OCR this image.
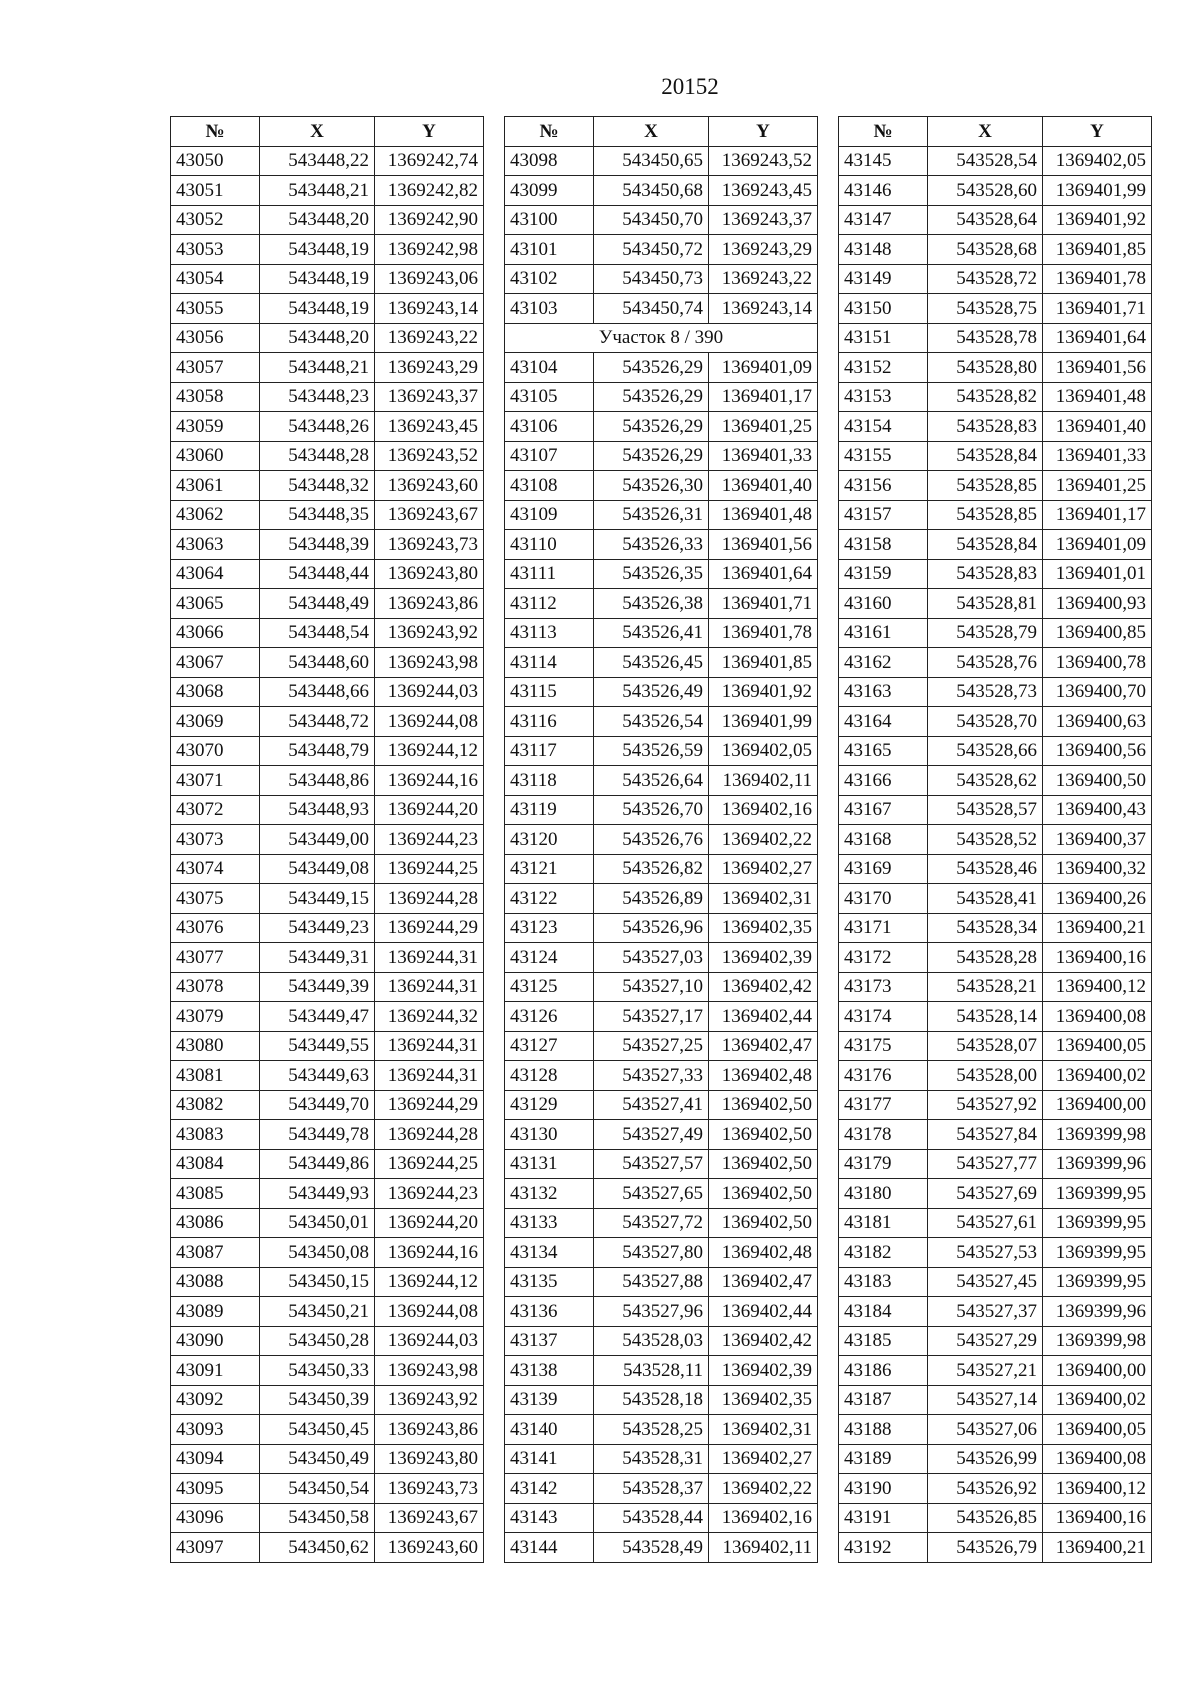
20152
№	X	Y
43050	543448,22	1369242,74
43051	543448,21	1369242,82
43052	543448,20	1369242,90
43053	543448,19	1369242,98
43054	543448,19	1369243,06
43055	543448,19	1369243,14
43056	543448,20	1369243,22
43057	543448,21	1369243,29
43058	543448,23	1369243,37
43059	543448,26	1369243,45
43060	543448,28	1369243,52
43061	543448,32	1369243,60
43062	543448,35	1369243,67
43063	543448,39	1369243,73
43064	543448,44	1369243,80
43065	543448,49	1369243,86
43066	543448,54	1369243,92
43067	543448,60	1369243,98
43068	543448,66	1369244,03
43069	543448,72	1369244,08
43070	543448,79	1369244,12
43071	543448,86	1369244,16
43072	543448,93	1369244,20
43073	543449,00	1369244,23
43074	543449,08	1369244,25
43075	543449,15	1369244,28
43076	543449,23	1369244,29
43077	543449,31	1369244,31
43078	543449,39	1369244,31
43079	543449,47	1369244,32
43080	543449,55	1369244,31
43081	543449,63	1369244,31
43082	543449,70	1369244,29
43083	543449,78	1369244,28
43084	543449,86	1369244,25
43085	543449,93	1369244,23
43086	543450,01	1369244,20
43087	543450,08	1369244,16
43088	543450,15	1369244,12
43089	543450,21	1369244,08
43090	543450,28	1369244,03
43091	543450,33	1369243,98
43092	543450,39	1369243,92
43093	543450,45	1369243,86
43094	543450,49	1369243,80
43095	543450,54	1369243,73
43096	543450,58	1369243,67
43097	543450,62	1369243,60
№	X	Y
43098	543450,65	1369243,52
43099	543450,68	1369243,45
43100	543450,70	1369243,37
43101	543450,72	1369243,29
43102	543450,73	1369243,22
43103	543450,74	1369243,14
Участок 8 / 390		
43104	543526,29	1369401,09
43105	543526,29	1369401,17
43106	543526,29	1369401,25
43107	543526,29	1369401,33
43108	543526,30	1369401,40
43109	543526,31	1369401,48
43110	543526,33	1369401,56
43111	543526,35	1369401,64
43112	543526,38	1369401,71
43113	543526,41	1369401,78
43114	543526,45	1369401,85
43115	543526,49	1369401,92
43116	543526,54	1369401,99
43117	543526,59	1369402,05
43118	543526,64	1369402,11
43119	543526,70	1369402,16
43120	543526,76	1369402,22
43121	543526,82	1369402,27
43122	543526,89	1369402,31
43123	543526,96	1369402,35
43124	543527,03	1369402,39
43125	543527,10	1369402,42
43126	543527,17	1369402,44
43127	543527,25	1369402,47
43128	543527,33	1369402,48
43129	543527,41	1369402,50
43130	543527,49	1369402,50
43131	543527,57	1369402,50
43132	543527,65	1369402,50
43133	543527,72	1369402,50
43134	543527,80	1369402,48
43135	543527,88	1369402,47
43136	543527,96	1369402,44
43137	543528,03	1369402,42
43138	543528,11	1369402,39
43139	543528,18	1369402,35
43140	543528,25	1369402,31
43141	543528,31	1369402,27
43142	543528,37	1369402,22
43143	543528,44	1369402,16
43144	543528,49	1369402,11
№	X	Y
43145	543528,54	1369402,05
43146	543528,60	1369401,99
43147	543528,64	1369401,92
43148	543528,68	1369401,85
43149	543528,72	1369401,78
43150	543528,75	1369401,71
43151	543528,78	1369401,64
43152	543528,80	1369401,56
43153	543528,82	1369401,48
43154	543528,83	1369401,40
43155	543528,84	1369401,33
43156	543528,85	1369401,25
43157	543528,85	1369401,17
43158	543528,84	1369401,09
43159	543528,83	1369401,01
43160	543528,81	1369400,93
43161	543528,79	1369400,85
43162	543528,76	1369400,78
43163	543528,73	1369400,70
43164	543528,70	1369400,63
43165	543528,66	1369400,56
43166	543528,62	1369400,50
43167	543528,57	1369400,43
43168	543528,52	1369400,37
43169	543528,46	1369400,32
43170	543528,41	1369400,26
43171	543528,34	1369400,21
43172	543528,28	1369400,16
43173	543528,21	1369400,12
43174	543528,14	1369400,08
43175	543528,07	1369400,05
43176	543528,00	1369400,02
43177	543527,92	1369400,00
43178	543527,84	1369399,98
43179	543527,77	1369399,96
43180	543527,69	1369399,95
43181	543527,61	1369399,95
43182	543527,53	1369399,95
43183	543527,45	1369399,95
43184	543527,37	1369399,96
43185	543527,29	1369399,98
43186	543527,21	1369400,00
43187	543527,14	1369400,02
43188	543527,06	1369400,05
43189	543526,99	1369400,08
43190	543526,92	1369400,12
43191	543526,85	1369400,16
43192	543526,79	1369400,21
